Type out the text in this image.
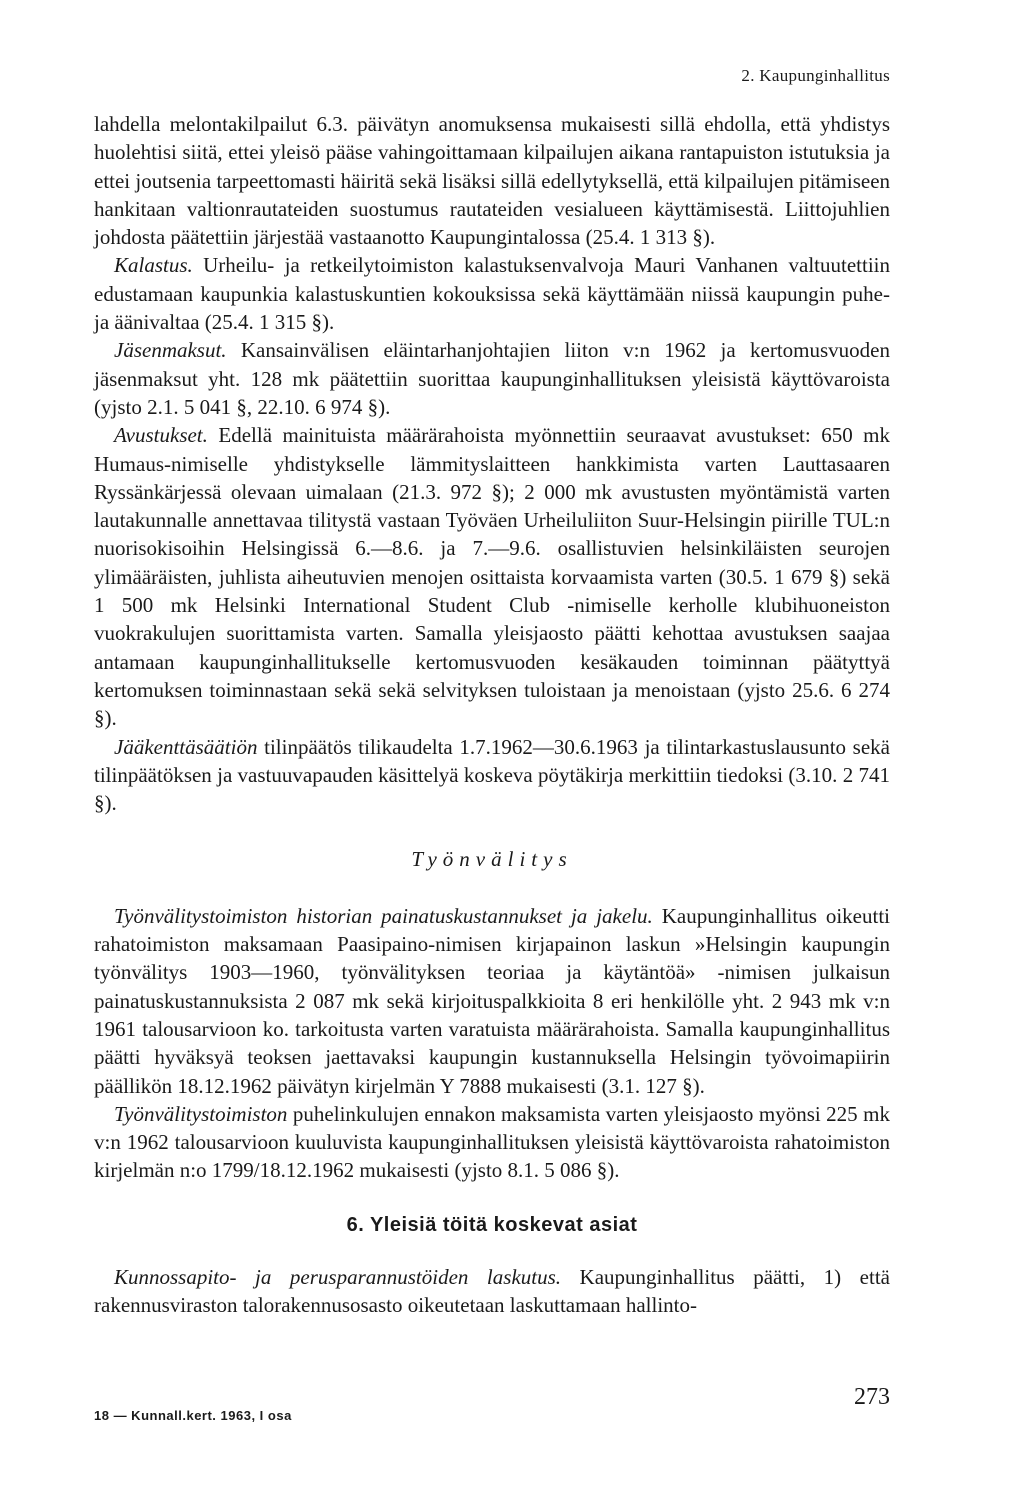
2. Kaupunginhallitus

lahdella melontakilpailut 6.3. päivätyn anomuksensa mukaisesti sillä ehdolla, että yhdistys huolehtisi siitä, ettei yleisö pääse vahingoittamaan kilpailujen aikana rantapuiston istutuksia ja ettei joutsenia tarpeettomasti häiritä sekä lisäksi sillä edellytyksellä, että kilpailujen pitämiseen hankitaan valtionrautateiden suostumus rautateiden vesialueen käyttämisestä. Liittojuhlien johdosta päätettiin järjestää vastaanotto Kaupungintalossa (25.4. 1 313 §).

Kalastus. Urheilu- ja retkeilytoimiston kalastuksenvalvoja Mauri Vanhanen valtuutettiin edustamaan kaupunkia kalastuskuntien kokouksissa sekä käyttämään niissä kaupungin puhe- ja äänivaltaa (25.4. 1 315 §).

Jäsenmaksut. Kansainvälisen eläintarhanjohtajien liiton v:n 1962 ja kertomusvuoden jäsenmaksut yht. 128 mk päätettiin suorittaa kaupunginhallituksen yleisistä käyttövaroista (yjsto 2.1. 5 041 §, 22.10. 6 974 §).

Avustukset. Edellä mainituista määrärahoista myönnettiin seuraavat avustukset: 650 mk Humaus-nimiselle yhdistykselle lämmityslaitteen hankkimista varten Lauttasaaren Ryssänkärjessä olevaan uimalaan (21.3. 972 §); 2 000 mk avustusten myöntämistä varten lautakunnalle annettavaa tilitystä vastaan Työväen Urheiluliiton Suur-Helsingin piirille TUL:n nuorisokisoihin Helsingissä 6.—8.6. ja 7.—9.6. osallistuvien helsinkiläisten seurojen ylimääräisten, juhlista aiheutuvien menojen osittaista korvaamista varten (30.5. 1 679 §) sekä 1 500 mk Helsinki International Student Club -nimiselle kerholle klubihuoneiston vuokrakulujen suorittamista varten. Samalla yleisjaosto päätti kehottaa avustuksen saajaa antamaan kaupunginhallitukselle kertomusvuoden kesäkauden toiminnan päätyttyä kertomuksen toiminnastaan sekä sekä selvityksen tuloistaan ja menoistaan (yjsto 25.6. 6 274 §).

Jääkenttäsäätiön tilinpäätös tilikaudelta 1.7.1962—30.6.1963 ja tilintarkastuslausunto sekä tilinpäätöksen ja vastuuvapauden käsittelyä koskeva pöytäkirja merkittiin tiedoksi (3.10. 2 741 §).

Työnvälitys

Työnvälitystoimiston historian painatuskustannukset ja jakelu. Kaupunginhallitus oikeutti rahatoimiston maksamaan Paasipaino-nimisen kirjapainon laskun »Helsingin kaupungin työnvälitys 1903—1960, työnvälityksen teoriaa ja käytäntöä» -nimisen julkaisun painatuskustannuksista 2 087 mk sekä kirjoituspalkkioita 8 eri henkilölle yht. 2 943 mk v:n 1961 talousarvioon ko. tarkoitusta varten varatuista määrärahoista. Samalla kaupunginhallitus päätti hyväksyä teoksen jaettavaksi kaupungin kustannuksella Helsingin työvoimapiirin päällikön 18.12.1962 päivätyn kirjelmän Y 7888 mukaisesti (3.1. 127 §).

Työnvälitystoimiston puhelinkulujen ennakon maksamista varten yleisjaosto myönsi 225 mk v:n 1962 talousarvioon kuuluvista kaupunginhallituksen yleisistä käyttövaroista rahatoimiston kirjelmän n:o 1799/18.12.1962 mukaisesti (yjsto 8.1. 5 086 §).

6. Yleisiä töitä koskevat asiat

Kunnossapito- ja perusparannustöiden laskutus. Kaupunginhallitus päätti, 1) että rakennusviraston talorakennusosasto oikeutetaan laskuttamaan hallinto-

18 — Kunnall.kert. 1963, I osa
273
